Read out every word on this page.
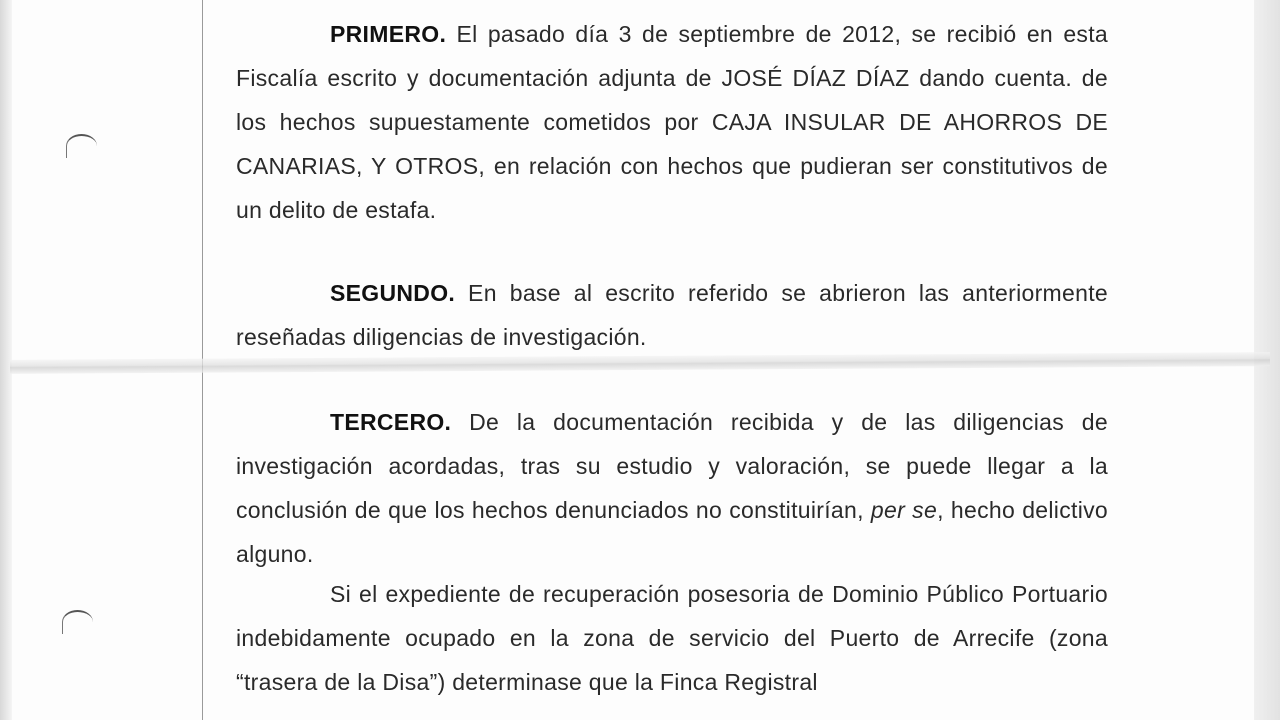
PRIMERO. El pasado día 3 de septiembre de 2012, se recibió en esta Fiscalía escrito y documentación adjunta de JOSÉ DÍAZ DÍAZ dando cuenta. de los hechos supuestamente cometidos por CAJA INSULAR DE AHORROS DE CANARIAS, Y OTROS, en relación con hechos que pudieran ser constitutivos de un delito de estafa.

SEGUNDO. En base al escrito referido se abrieron las anteriormente reseñadas diligencias de investigación.

TERCERO. De la documentación recibida y de las diligencias de investigación acordadas, tras su estudio y valoración, se puede llegar a la conclusión de que los hechos denunciados no constituirían, per se, hecho delictivo alguno.

Si el expediente de recuperación posesoria de Dominio Público Portuario indebidamente ocupado en la zona de servicio del Puerto de Arrecife (zona “trasera de la Disa”) determinase que la Finca Registral
